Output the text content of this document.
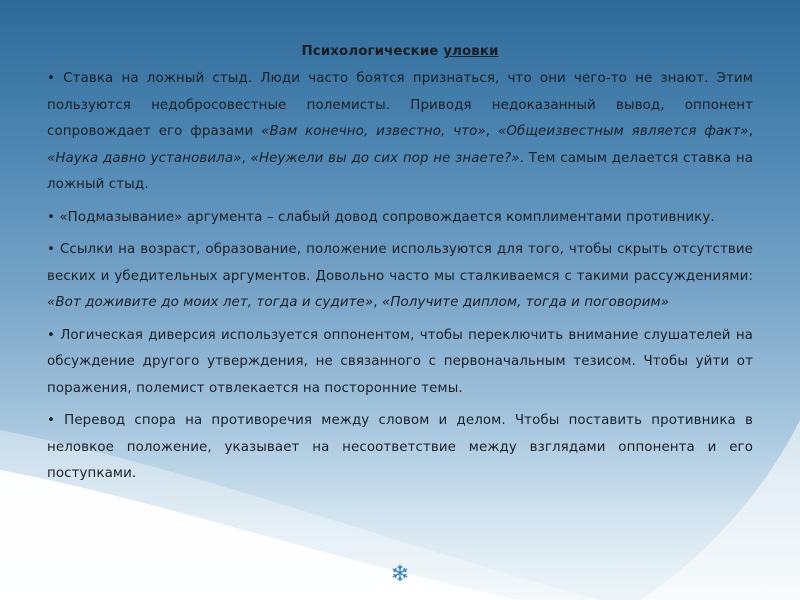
Психологические уловки

• Ставка на ложный стыд. Люди часто боятся признаться, что они чего-то не знают. Этим пользуются недобросовестные полемисты. Приводя недоказанный вывод, оппонент сопровождает его фразами «Вам конечно, известно, что», «Общеизвестным является факт», «Наука давно установила», «Неужели вы до сих пор не знаете?». Тем самым делается ставка на ложный стыд.

• «Подмазывание» аргумента – слабый довод сопровождается комплиментами противнику.

• Ссылки на возраст, образование, положение используются для того, чтобы скрыть отсутствие веских и убедительных аргументов. Довольно часто мы сталкиваемся с такими рассуждениями: «Вот доживите до моих лет, тогда и судите», «Получите диплом, тогда и поговорим»

• Логическая диверсия используется оппонентом, чтобы переключить внимание слушателей на обсуждение другого утверждения, не связанного с первоначальным тезисом. Чтобы уйти от поражения, полемист отвлекается на посторонние темы.

• Перевод спора на противоречия между словом и делом. Чтобы поставить противника в неловкое положение, указывает на несоответствие между взглядами оппонента и его поступками.
